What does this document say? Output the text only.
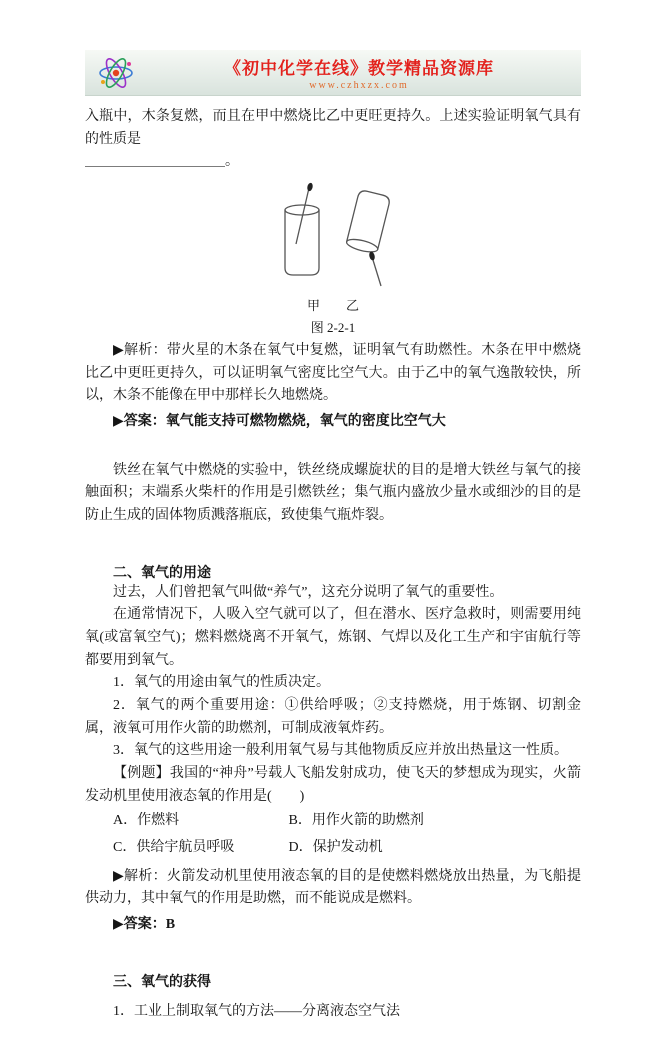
《初中化学在线》教学精品资源库
www.czhxzx.com

入瓶中，木条复燃，而且在甲中燃烧比乙中更旺更持久。上述实验证明氧气具有的性质是
＿＿＿＿＿＿＿＿＿＿。

甲 乙
图 2-2-1

▶解析：带火星的木条在氧气中复燃，证明氧气有助燃性。木条在甲中燃烧比乙中更旺更持久，可以证明氧气密度比空气大。由于乙中的氧气逸散较快，所以，木条不能像在甲中那样长久地燃烧。

▶答案：氧气能支持可燃物燃烧，氧气的密度比空气大

铁丝在氧气中燃烧的实验中，铁丝绕成螺旋状的目的是增大铁丝与氧气的接触面积；末端系火柴杆的作用是引燃铁丝；集气瓶内盛放少量水或细沙的目的是防止生成的固体物质溅落瓶底，致使集气瓶炸裂。

二、氧气的用途

过去，人们曾把氧气叫做“养气”，这充分说明了氧气的重要性。

在通常情况下，人吸入空气就可以了，但在潜水、医疗急救时，则需要用纯氧(或富氧空气)；燃料燃烧离不开氧气，炼钢、气焊以及化工生产和宇宙航行等都要用到氧气。

1．氧气的用途由氧气的性质决定。

2．氧气的两个重要用途：①供给呼吸；②支持燃烧，用于炼钢、切割金属，液氧可用作火箭的助燃剂，可制成液氧炸药。

3．氧气的这些用途一般利用氧气易与其他物质反应并放出热量这一性质。

【例题】我国的“神舟”号载人飞船发射成功，使飞天的梦想成为现实，火箭发动机里使用液态氧的作用是(　　)

A．作燃料	B．用作火箭的助燃剂
C．供给宇航员呼吸	D．保护发动机

▶解析：火箭发动机里使用液态氧的目的是使燃料燃烧放出热量，为飞船提供动力，其中氧气的作用是助燃，而不能说成是燃料。

▶答案：B

三、氧气的获得

1．工业上制取氧气的方法——分离液态空气法
